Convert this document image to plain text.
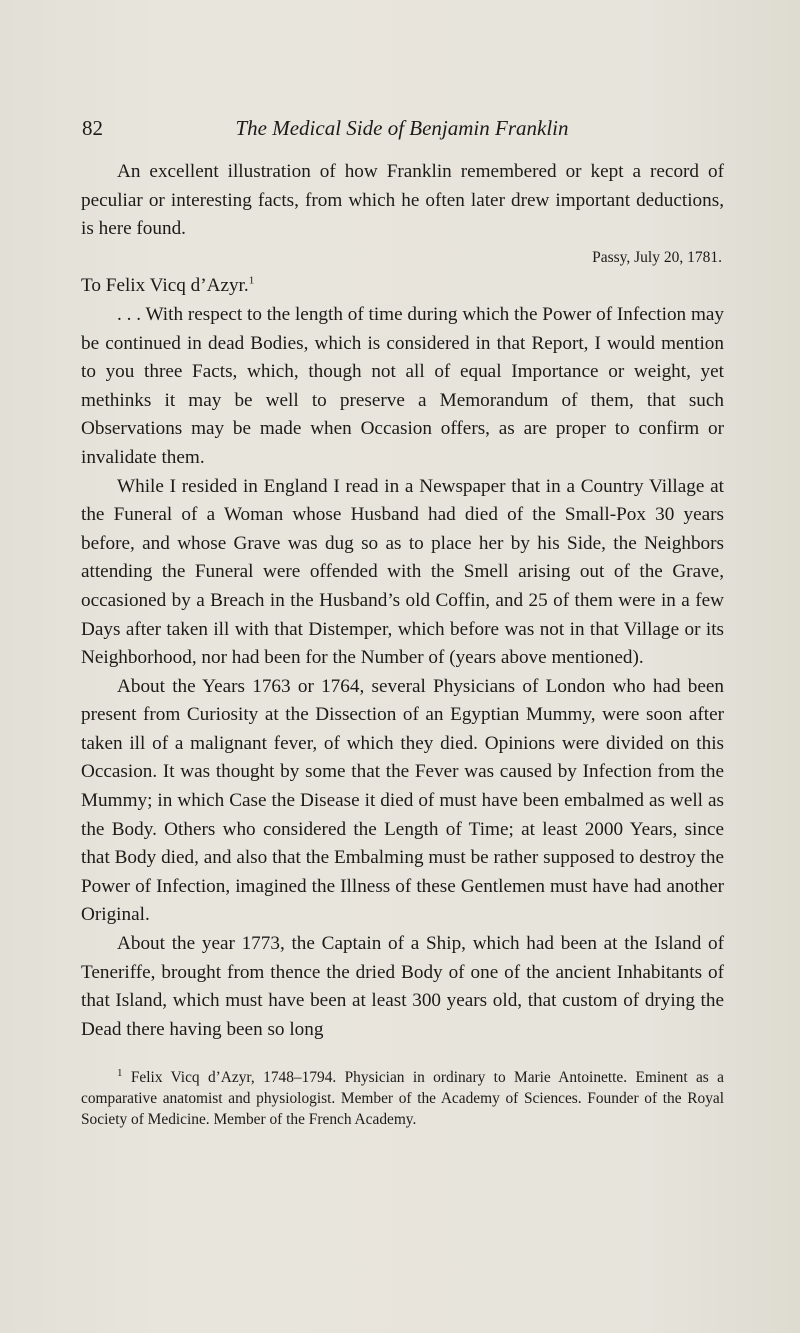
82	The Medical Side of Benjamin Franklin

An excellent illustration of how Franklin remembered or kept a record of peculiar or interesting facts, from which he often later drew important deductions, is here found.

Passy, July 20, 1781.

To Felix Vicq d’Azyr.$^1$

. . . With respect to the length of time during which the Power of Infection may be continued in dead Bodies, which is considered in that Report, I would mention to you three Facts, which, though not all of equal Importance or weight, yet methinks it may be well to preserve a Memorandum of them, that such Observations may be made when Occasion offers, as are proper to confirm or invalidate them.

While I resided in England I read in a Newspaper that in a Country Village at the Funeral of a Woman whose Husband had died of the Small-Pox 30 years before, and whose Grave was dug so as to place her by his Side, the Neighbors attending the Funeral were offended with the Smell arising out of the Grave, occasioned by a Breach in the Husband’s old Coffin, and 25 of them were in a few Days after taken ill with that Distemper, which before was not in that Village or its Neighborhood, nor had been for the Number of (years above mentioned).

About the Years 1763 or 1764, several Physicians of London who had been present from Curiosity at the Dissection of an Egyptian Mummy, were soon after taken ill of a malignant fever, of which they died. Opinions were divided on this Occasion. It was thought by some that the Fever was caused by Infection from the Mummy; in which Case the Disease it died of must have been embalmed as well as the Body. Others who considered the Length of Time; at least 2000 Years, since that Body died, and also that the Embalming must be rather supposed to destroy the Power of Infection, imagined the Illness of these Gentlemen must have had another Original.

About the year 1773, the Captain of a Ship, which had been at the Island of Teneriffe, brought from thence the dried Body of one of the ancient Inhabitants of that Island, which must have been at least 300 years old, that custom of drying the Dead there having been so long

$^1$ Felix Vicq d’Azyr, 1748–1794. Physician in ordinary to Marie Antoinette. Eminent as a comparative anatomist and physiologist. Member of the Academy of Sciences. Founder of the Royal Society of Medicine. Member of the French Academy.
